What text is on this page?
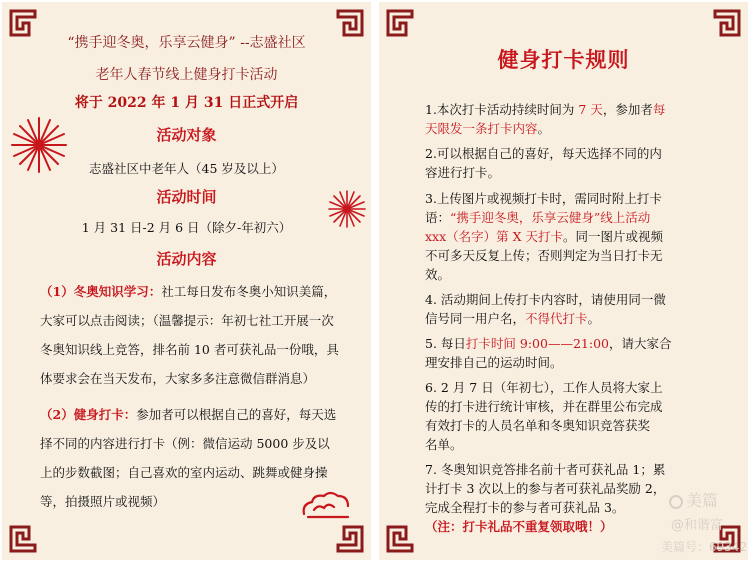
“携手迎冬奥，乐享云健身” --志盛社区
老年人春节线上健身打卡活动
将于 2022 年 1 月 31 日正式开启
活动对象
志盛社区中老年人（45 岁及以上）
活动时间
1 月 31 日-2 月 6 日（除夕-年初六）
活动内容
（1）冬奥知识学习：社工每日发布冬奥小知识美篇，大家可以点击阅读；（温馨提示：年初七社工开展一次冬奥知识线上竞答，排名前 10 者可获礼品一份哦，具体要求会在当天发布，大家多多注意微信群消息）
（2）健身打卡：参加者可以根据自己的喜好，每天选择不同的内容进行打卡（例：微信运动 5000 步及以上的步数截图；自己喜欢的室内运动、跳舞或健身操等，拍摄照片或视频）
健身打卡规则
1.本次打卡活动持续时间为 7 天，参加者每
天限发一条打卡内容。
2.可以根据自己的喜好，每天选择不同的内
容进行打卡。
3.上传图片或视频打卡时，需同时附上打卡
语：“携手迎冬奥，乐享云健身”线上活动
xxx（名字）第 X 天打卡。同一图片或视频
不可多天反复上传；否则判定为当日打卡无
效。
4. 活动期间上传打卡内容时，请使用同一微
信号同一用户名，不得代打卡。
5. 每日打卡时间 9:00——21:00，请大家合
理安排自己的运动时间。
6. 2 月 7 日（年初七），工作人员将大家上
传的打卡进行统计审核，并在群里公布完成
有效打卡的人员名单和冬奥知识竞答获奖
名单。
7. 冬奥知识竞答排名前十者可获礼品 1；累
计打卡 3 次以上的参与者可获礼品奖励 2，
完成全程打卡的参与者可获礼品 3。
（注：打卡礼品不重复领取哦！）
美篇
@和谐富
美篇号：69342
